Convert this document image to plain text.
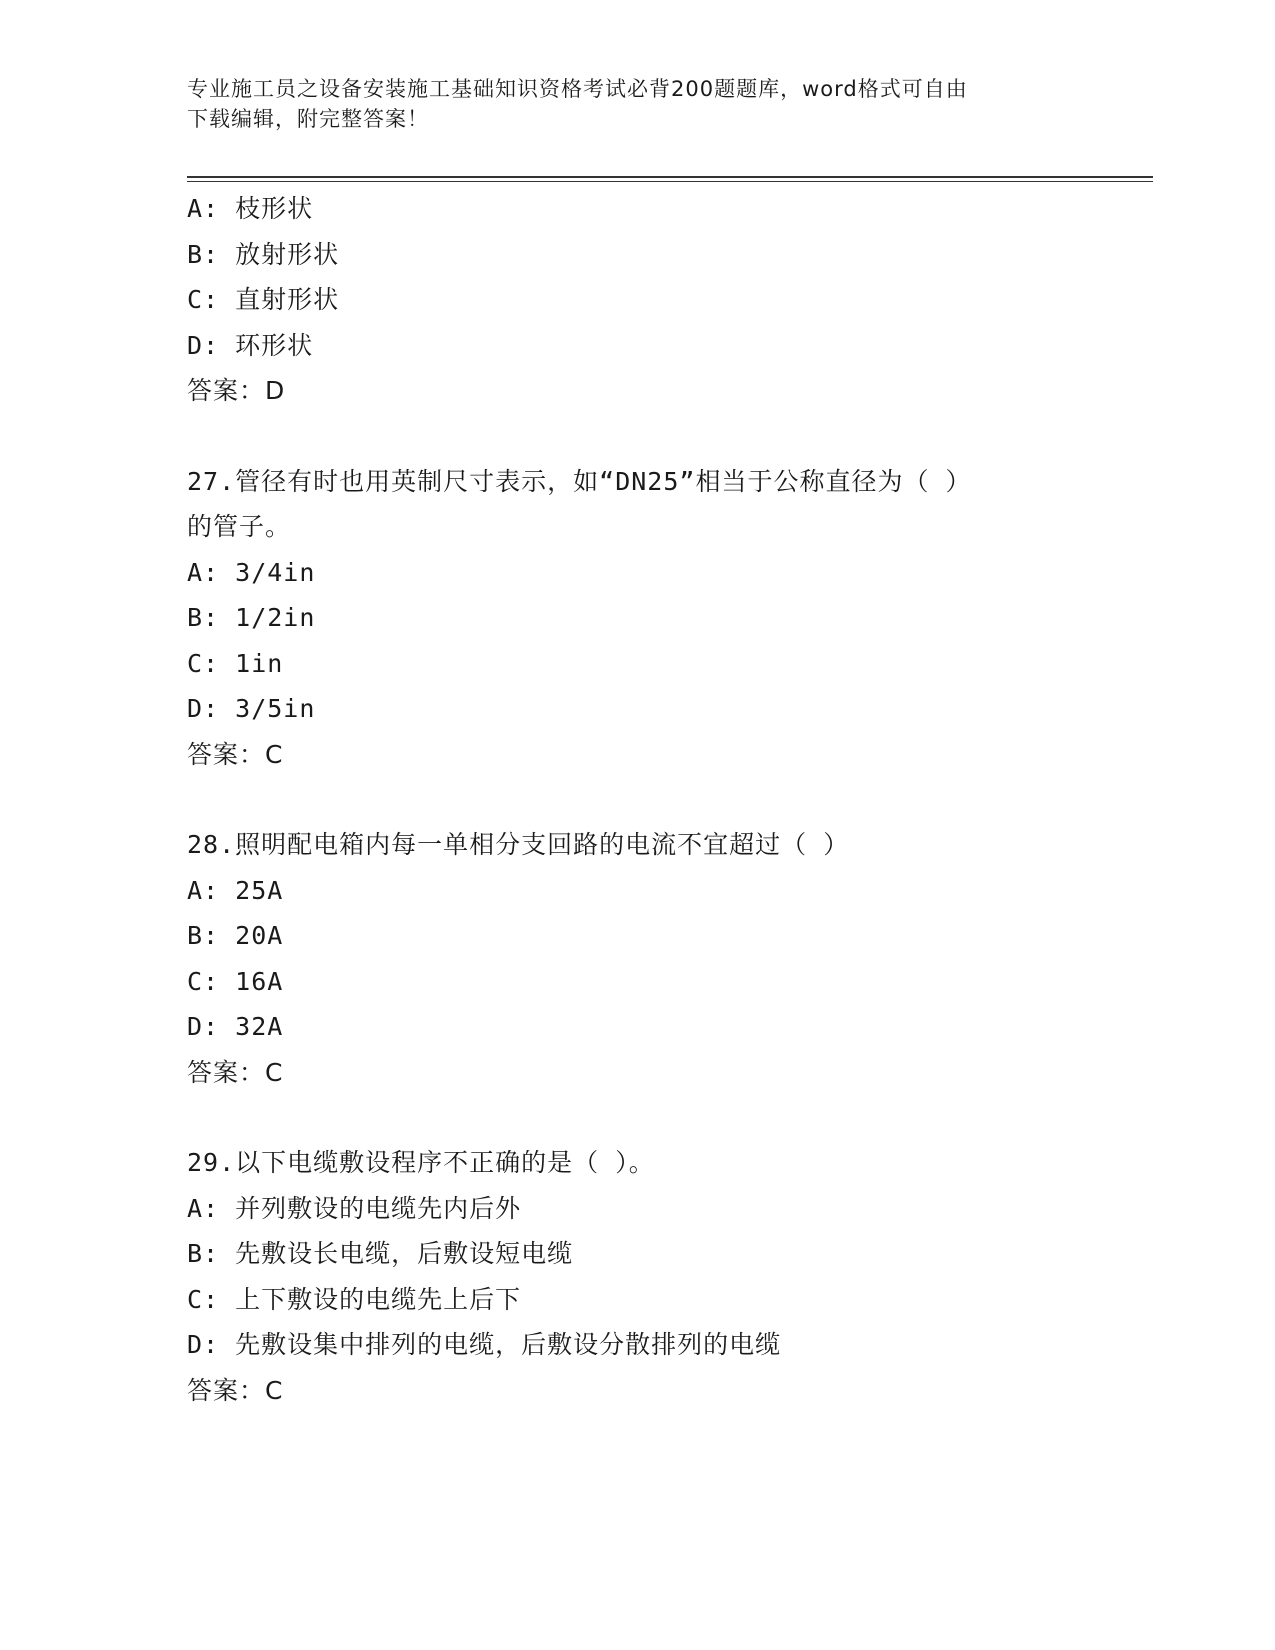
专业施工员之设备安装施工基础知识资格考试必背200题题库，word格式可自由
下载编辑，附完整答案！
A: 枝形状
B: 放射形状
C: 直射形状
D: 环形状
答案：D
27.管径有时也用英制尺寸表示，如“DN25”相当于公称直径为（ ）
的管子。
A: 3/4in
B: 1/2in
C: 1in
D: 3/5in
答案：C
28.照明配电箱内每一单相分支回路的电流不宜超过（ ）
A: 25A
B: 20A
C: 16A
D: 32A
答案：C
29.以下电缆敷设程序不正确的是（ ）。
A: 并列敷设的电缆先内后外
B: 先敷设长电缆，后敷设短电缆
C: 上下敷设的电缆先上后下
D: 先敷设集中排列的电缆，后敷设分散排列的电缆
答案：C
